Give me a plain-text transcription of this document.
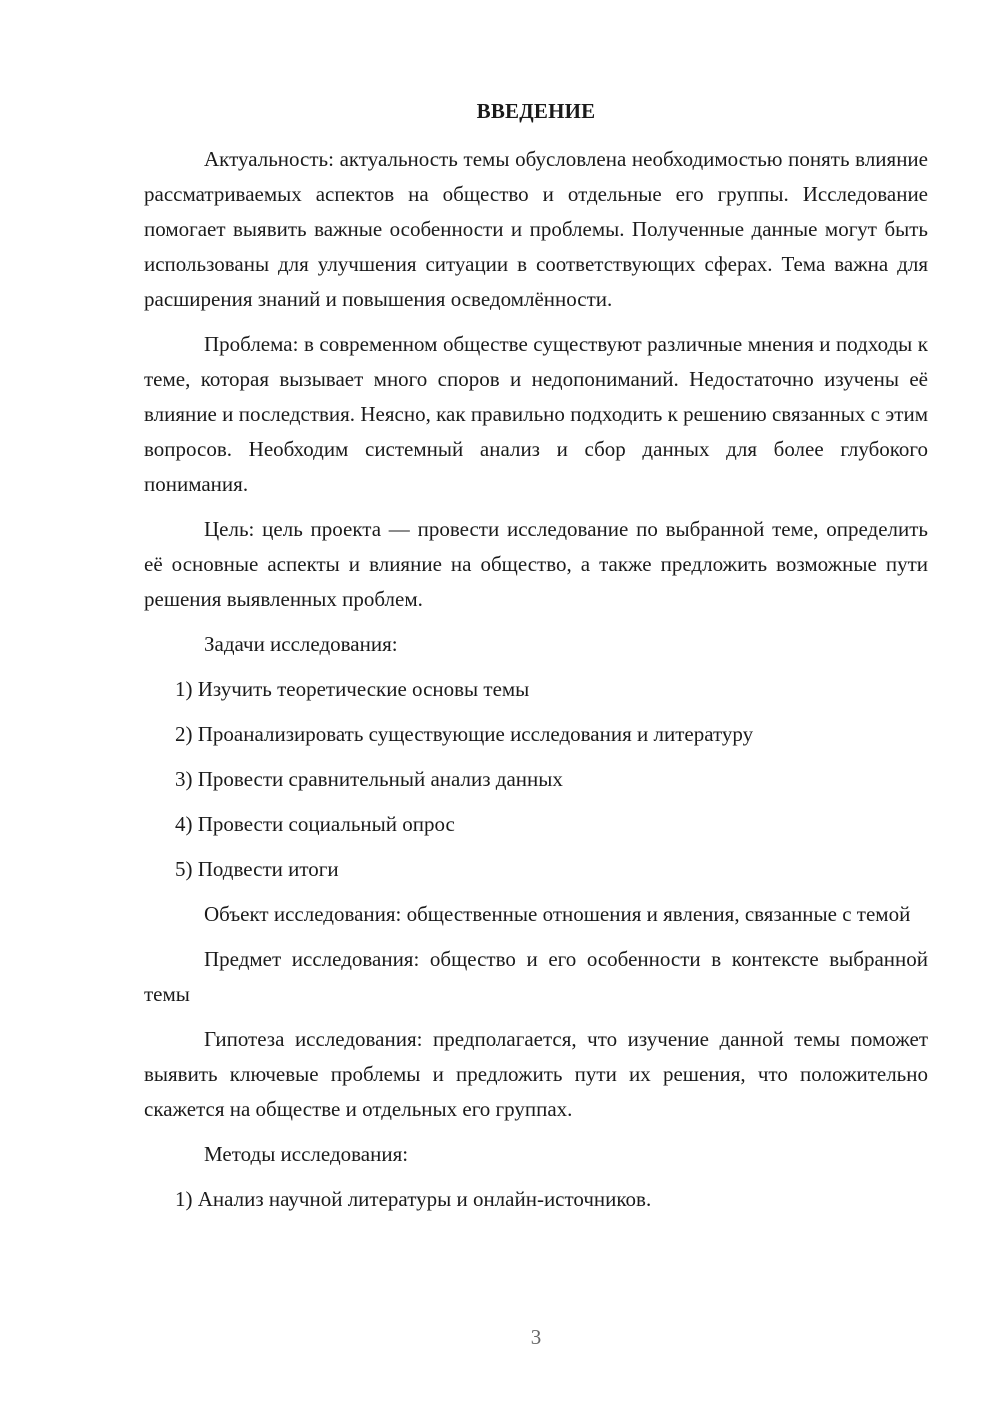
ВВЕДЕНИЕ

Актуальность: актуальность темы обусловлена необходимостью понять влияние рассматриваемых аспектов на общество и отдельные его группы. Исследование помогает выявить важные особенности и проблемы. Полученные данные могут быть использованы для улучшения ситуации в соответствующих сферах. Тема важна для расширения знаний и повышения осведомлённости.

Проблема: в современном обществе существуют различные мнения и подходы к теме, которая вызывает много споров и недопониманий. Недостаточно изучены её влияние и последствия. Неясно, как правильно подходить к решению связанных с этим вопросов. Необходим системный анализ и сбор данных для более глубокого понимания.

Цель: цель проекта — провести исследование по выбранной теме, определить её основные аспекты и влияние на общество, а также предложить возможные пути решения выявленных проблем.

Задачи исследования:

1) Изучить теоретические основы темы

2) Проанализировать существующие исследования и литературу

3) Провести сравнительный анализ данных

4) Провести социальный опрос

5) Подвести итоги

Объект исследования: общественные отношения и явления, связанные с темой

Предмет исследования: общество и его особенности в контексте выбранной темы

Гипотеза исследования: предполагается, что изучение данной темы поможет выявить ключевые проблемы и предложить пути их решения, что положительно скажется на обществе и отдельных его группах.

Методы исследования:

1) Анализ научной литературы и онлайн-источников.

3
